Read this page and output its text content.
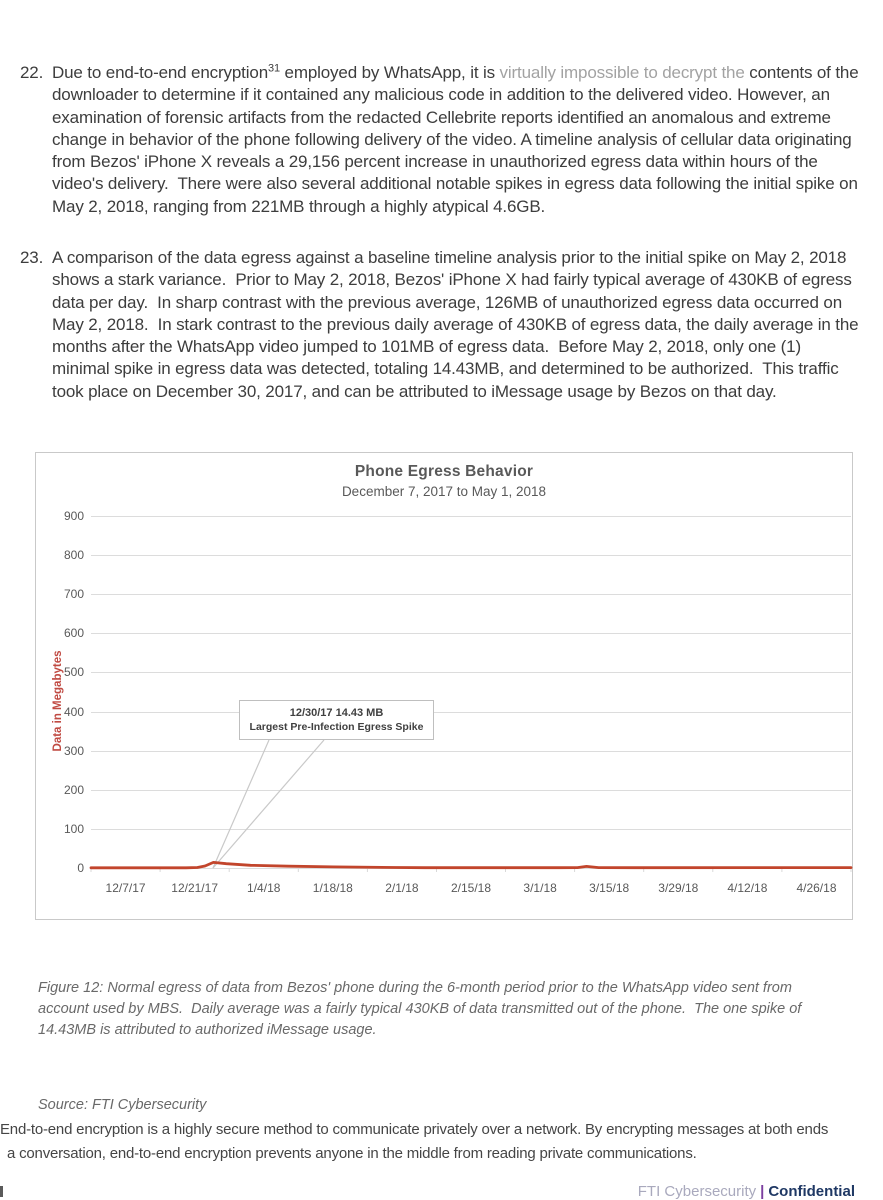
22. Due to end-to-end encryption$^{31}$ employed by WhatsApp, it is virtually impossible to decrypt the contents of the downloader to determine if it contained any malicious code in addition to the delivered video. However, an examination of forensic artifacts from the redacted Cellebrite reports identified an anomalous and extreme change in behavior of the phone following delivery of the video. A timeline analysis of cellular data originating from Bezos' iPhone X reveals a 29,156 percent increase in unauthorized egress data within hours of the video's delivery.  There were also several additional notable spikes in egress data following the initial spike on May 2, 2018, ranging from 221MB through a highly atypical 4.6GB.
23. A comparison of the data egress against a baseline timeline analysis prior to the initial spike on May 2, 2018 shows a stark variance.  Prior to May 2, 2018, Bezos' iPhone X had fairly typical average of 430KB of egress data per day.  In sharp contrast with the previous average, 126MB of unauthorized egress data occurred on May 2, 2018.  In stark contrast to the previous daily average of 430KB of egress data, the daily average in the months after the WhatsApp video jumped to 101MB of egress data.  Before May 2, 2018, only one (1) minimal spike in egress data was detected, totaling 14.43MB, and determined to be authorized.  This traffic took place on December 30, 2017, and can be attributed to iMessage usage by Bezos on that day.
Phone Egress Behavior
December 7, 2017 to May 1, 2018
Data in Megabytes
0
100
200
300
400
500
600
700
800
900
12/30/17 14.43 MB
Largest Pre-Infection Egress Spike
12/7/17	12/21/17	1/4/18	1/18/18	2/1/18	2/15/18	3/1/18	3/15/18	3/29/18	4/12/18	4/26/18

Figure 12: Normal egress of data from Bezos' phone during the 6-month period prior to the WhatsApp video sent from account used by MBS.  Daily average was a fairly typical 430KB of data transmitted out of the phone.  The one spike of 14.43MB is attributed to authorized iMessage usage.

Source: FTI Cybersecurity

End-to-end encryption is a highly secure method to communicate privately over a network. By encrypting messages at both ends
a conversation, end-to-end encryption prevents anyone in the middle from reading private communications.
FTI Cybersecurity | Confidential
